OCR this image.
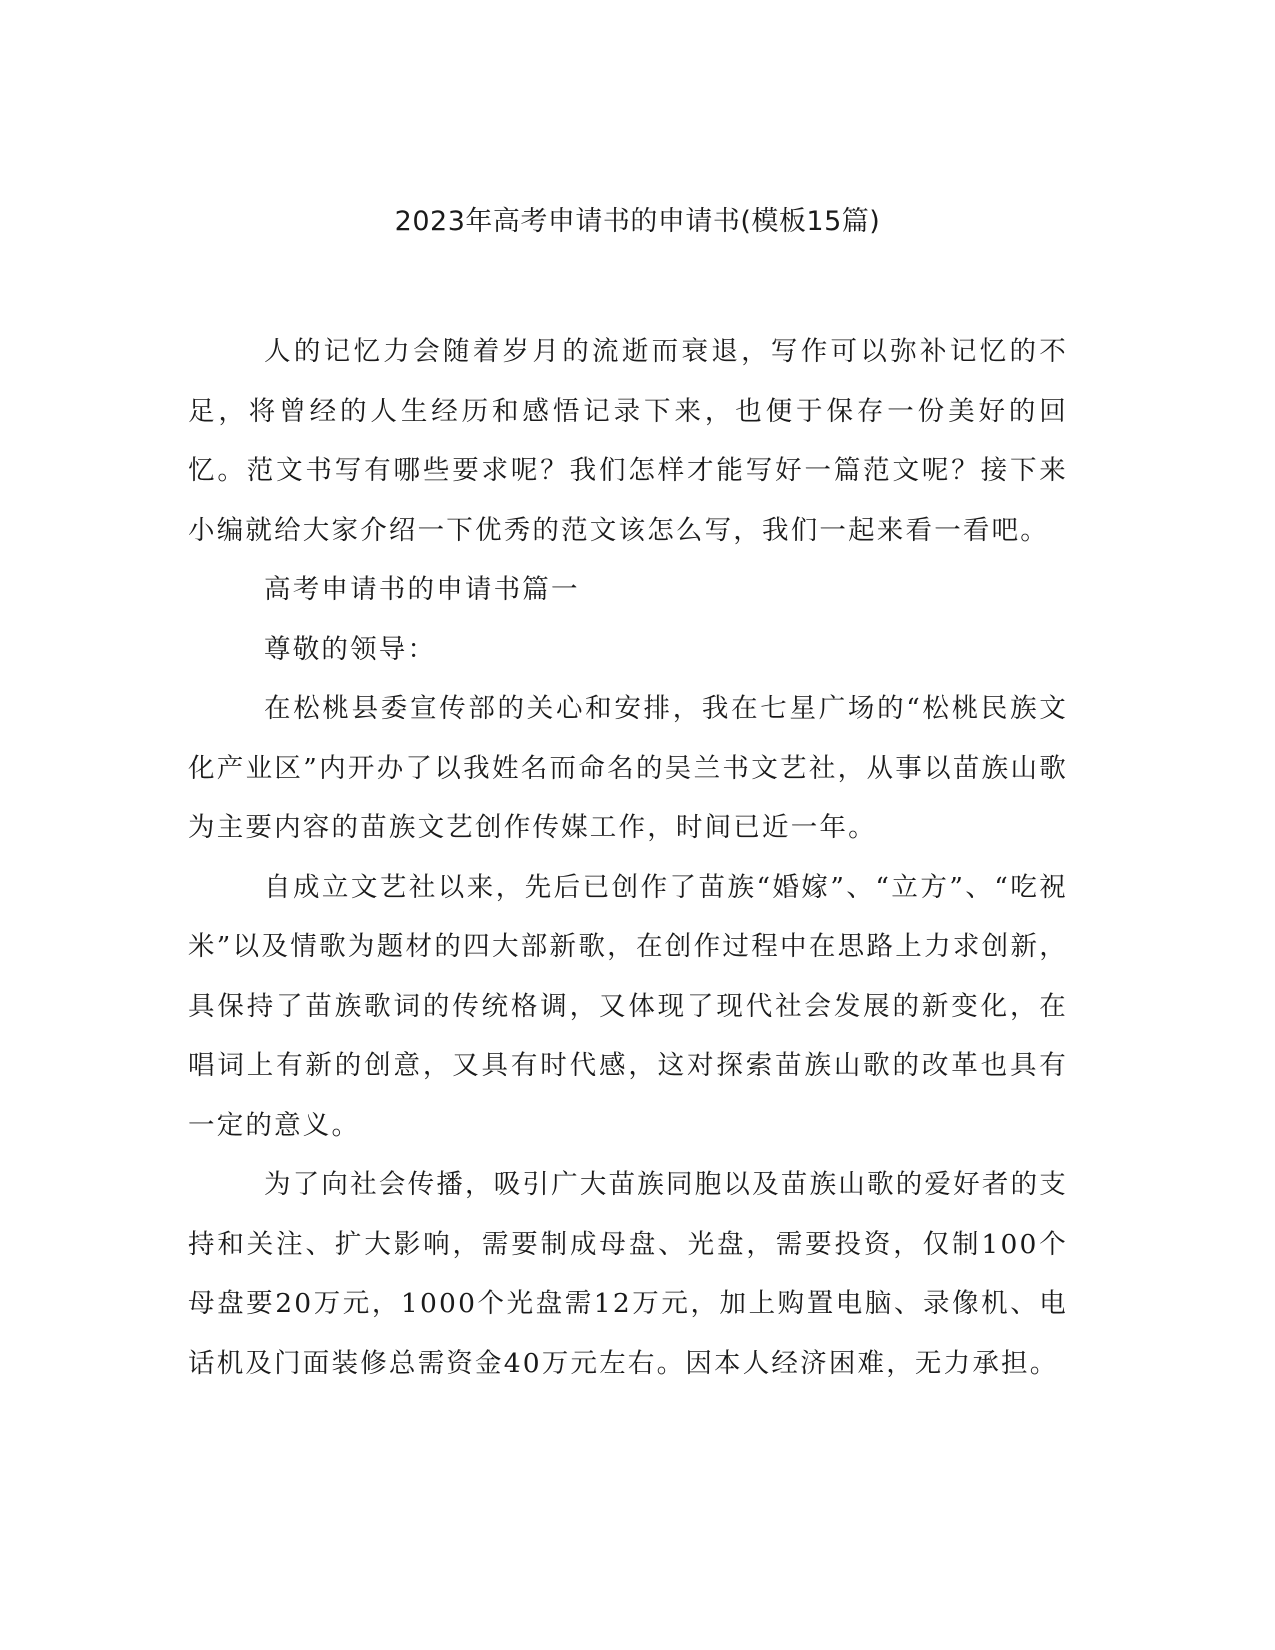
2023年高考申请书的申请书(模板15篇)

人的记忆力会随着岁月的流逝而衰退，写作可以弥补记忆的不足，将曾经的人生经历和感悟记录下来，也便于保存一份美好的回忆。范文书写有哪些要求呢？我们怎样才能写好一篇范文呢？接下来小编就给大家介绍一下优秀的范文该怎么写，我们一起来看一看吧。

高考申请书的申请书篇一

尊敬的领导：

在松桃县委宣传部的关心和安排，我在七星广场的“松桃民族文化产业区”内开办了以我姓名而命名的吴兰书文艺社，从事以苗族山歌为主要内容的苗族文艺创作传媒工作，时间已近一年。

自成立文艺社以来，先后已创作了苗族“婚嫁”、“立方”、“吃祝米”以及情歌为题材的四大部新歌，在创作过程中在思路上力求创新，具保持了苗族歌词的传统格调，又体现了现代社会发展的新变化，在唱词上有新的创意，又具有时代感，这对探索苗族山歌的改革也具有一定的意义。

为了向社会传播，吸引广大苗族同胞以及苗族山歌的爱好者的支持和关注、扩大影响，需要制成母盘、光盘，需要投资，仅制100个母盘要20万元，1000个光盘需12万元，加上购置电脑、录像机、电话机及门面装修总需资金40万元左右。因本人经济困难，无力承担。
